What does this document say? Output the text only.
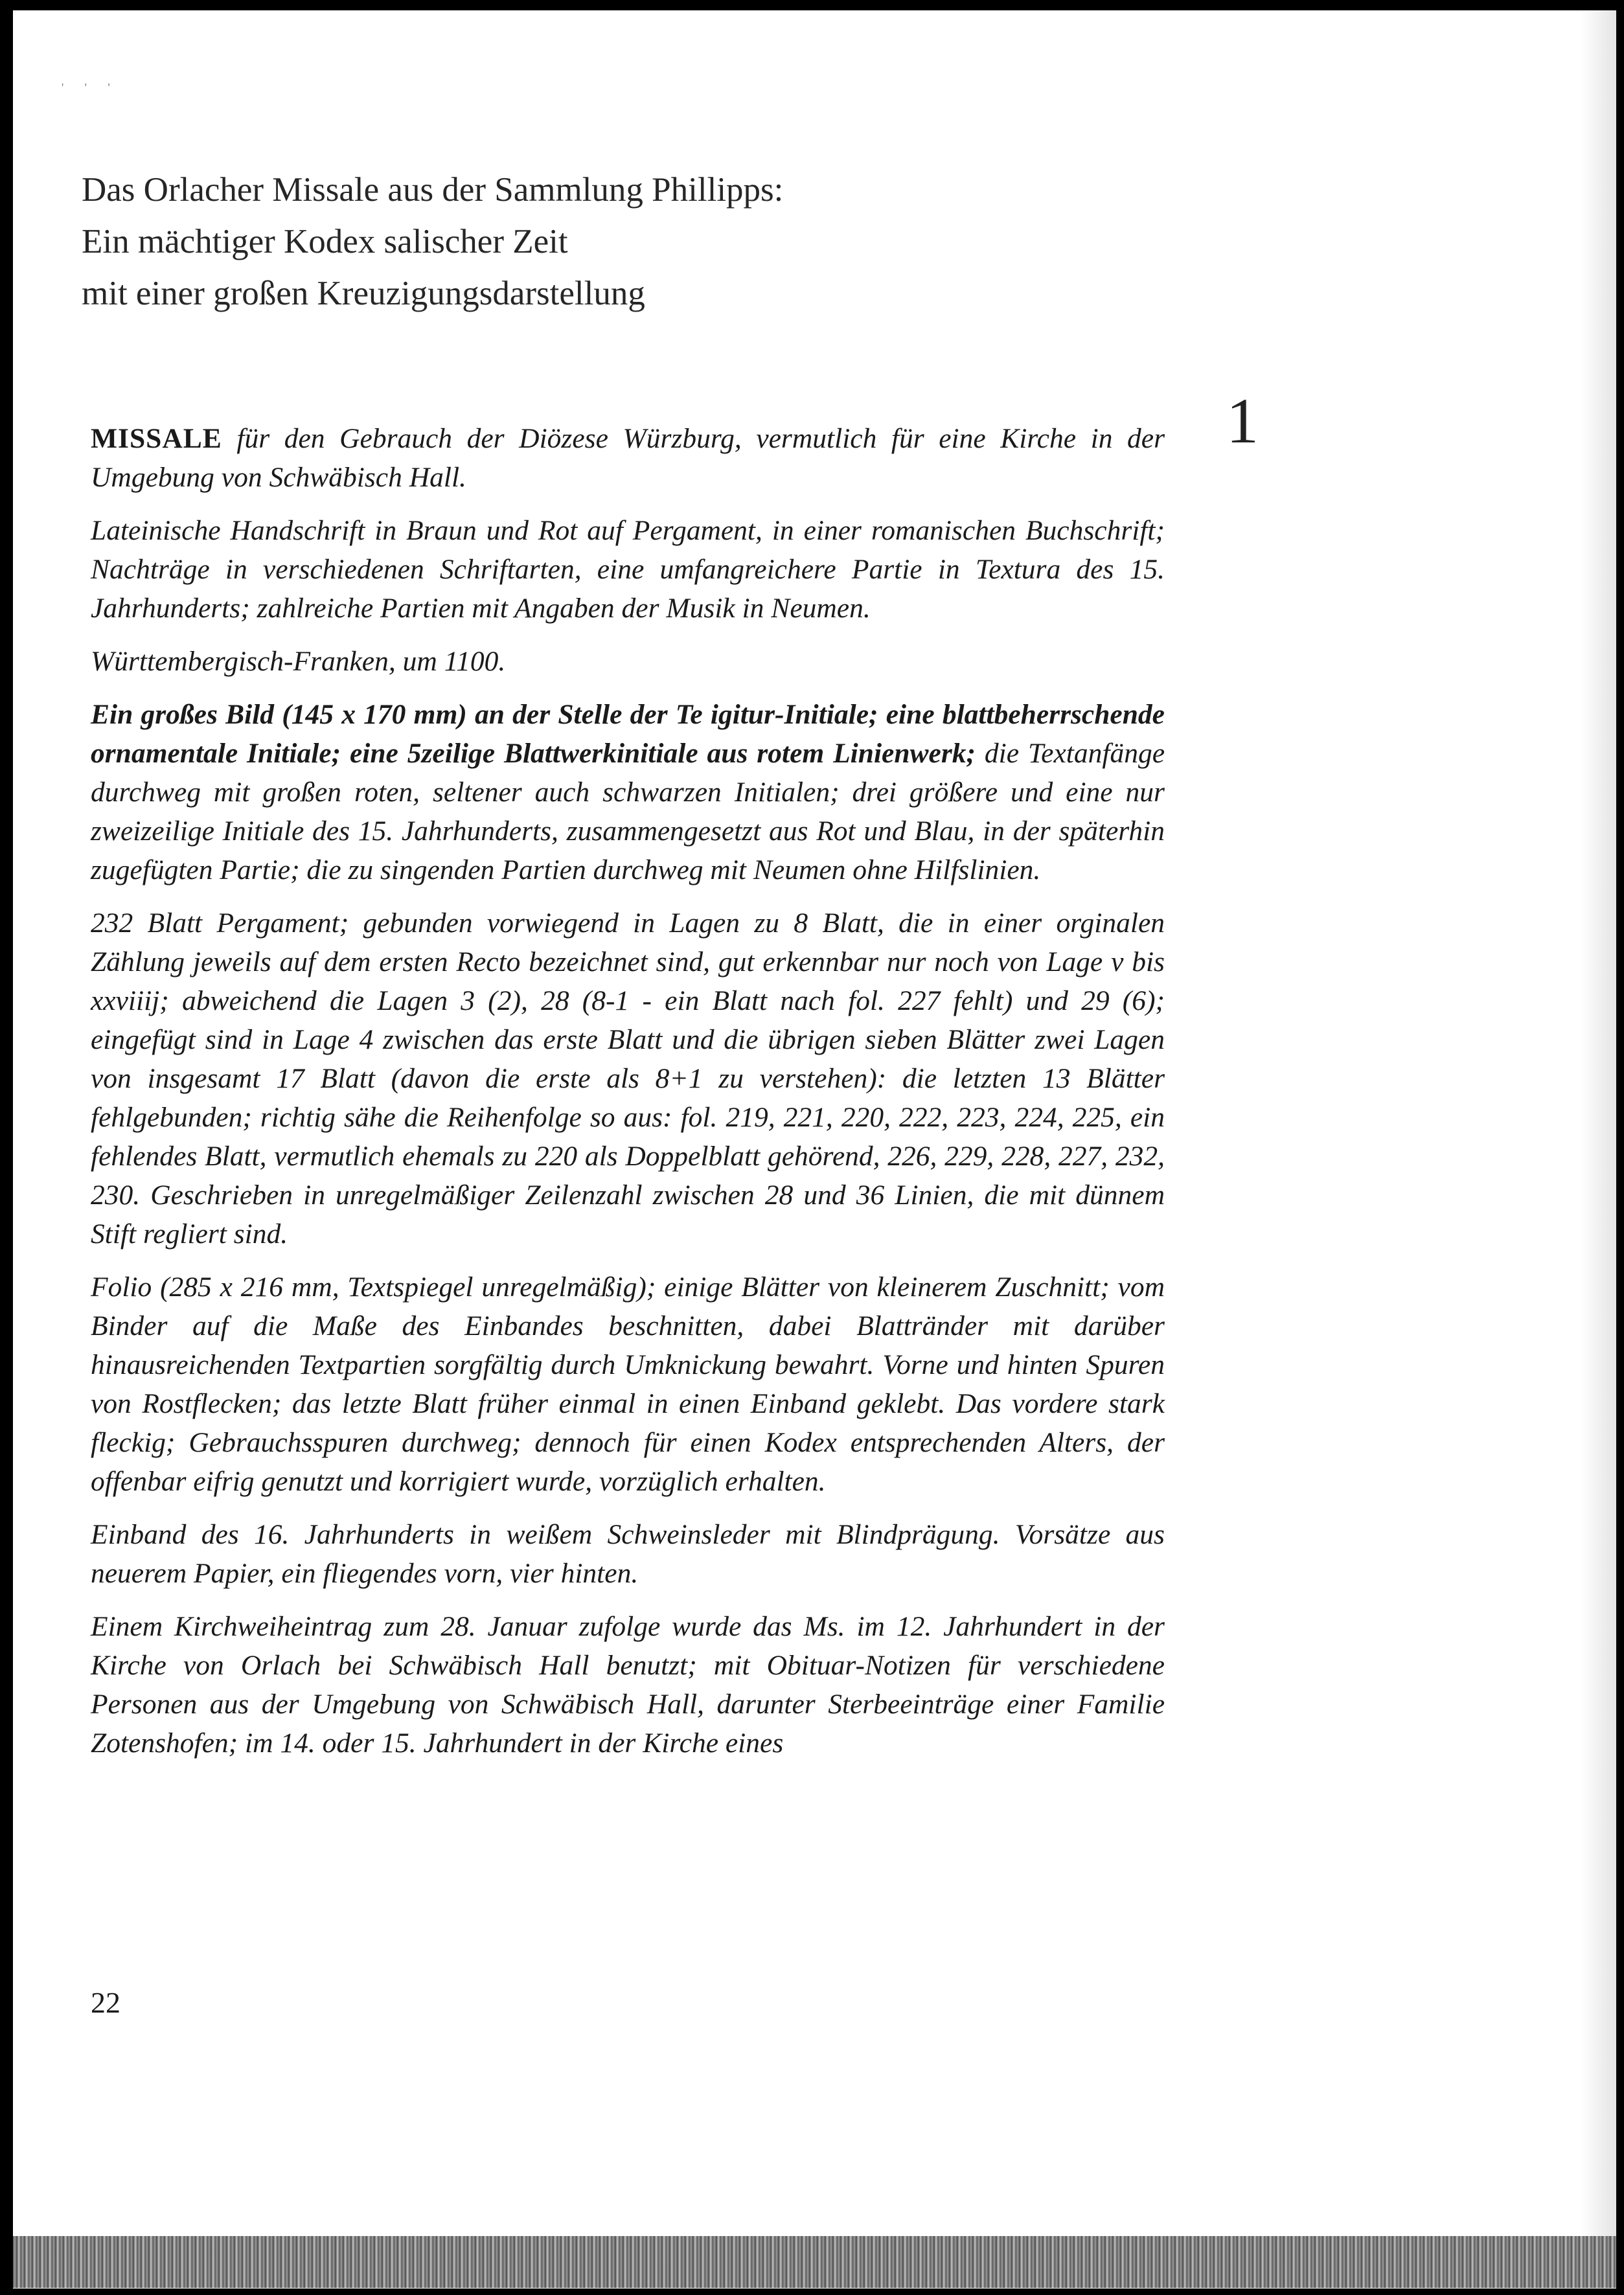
' ' '
Das Orlacher Missale aus der Sammlung Phillipps:
Ein mächtiger Kodex salischer Zeit
mit einer großen Kreuzigungsdarstellung
1

MISSALE für den Gebrauch der Diözese Würzburg, vermutlich für eine Kirche in der Umgebung von Schwäbisch Hall.

Lateinische Handschrift in Braun und Rot auf Pergament, in einer romanischen Buchschrift; Nachträge in verschiedenen Schriftarten, eine umfangreichere Partie in Textura des 15. Jahrhunderts; zahlreiche Partien mit Angaben der Musik in Neumen.

Württembergisch-Franken, um 1100.

Ein großes Bild (145 x 170 mm) an der Stelle der Te igitur-Initiale; eine blattbeherrschende ornamentale Initiale; eine 5zeilige Blattwerkinitiale aus rotem Linienwerk; die Textanfänge durchweg mit großen roten, seltener auch schwarzen Initialen; drei größere und eine nur zweizeilige Initiale des 15. Jahrhunderts, zusammengesetzt aus Rot und Blau, in der späterhin zugefügten Partie; die zu singenden Partien durchweg mit Neumen ohne Hilfslinien.

232 Blatt Pergament; gebunden vorwiegend in Lagen zu 8 Blatt, die in einer orginalen Zählung jeweils auf dem ersten Recto bezeichnet sind, gut erkennbar nur noch von Lage v bis xxviiij; abweichend die Lagen 3 (2), 28 (8-1 - ein Blatt nach fol. 227 fehlt) und 29 (6); eingefügt sind in Lage 4 zwischen das erste Blatt und die übrigen sieben Blätter zwei Lagen von insgesamt 17 Blatt (davon die erste als 8+1 zu verstehen): die letzten 13 Blätter fehlgebunden; richtig sähe die Reihenfolge so aus: fol. 219, 221, 220, 222, 223, 224, 225, ein fehlendes Blatt, vermutlich ehemals zu 220 als Doppelblatt gehörend, 226, 229, 228, 227, 232, 230. Geschrieben in unregelmäßiger Zeilenzahl zwischen 28 und 36 Linien, die mit dünnem Stift regliert sind.

Folio (285 x 216 mm, Textspiegel unregelmäßig); einige Blätter von kleinerem Zuschnitt; vom Binder auf die Maße des Einbandes beschnitten, dabei Blattränder mit darüber hinausreichenden Textpartien sorgfältig durch Umknickung bewahrt. Vorne und hinten Spuren von Rostflecken; das letzte Blatt früher einmal in einen Einband geklebt. Das vordere stark fleckig; Gebrauchsspuren durchweg; dennoch für einen Kodex entsprechenden Alters, der offenbar eifrig genutzt und korrigiert wurde, vorzüglich erhalten.

Einband des 16. Jahrhunderts in weißem Schweinsleder mit Blindprägung. Vorsätze aus neuerem Papier, ein fliegendes vorn, vier hinten.

Einem Kirchweiheintrag zum 28. Januar zufolge wurde das Ms. im 12. Jahrhundert in der Kirche von Orlach bei Schwäbisch Hall benutzt; mit Obituar-Notizen für verschiedene Personen aus der Umgebung von Schwäbisch Hall, darunter Sterbeeinträge einer Familie Zotenshofen; im 14. oder 15. Jahrhundert in der Kirche eines

22
